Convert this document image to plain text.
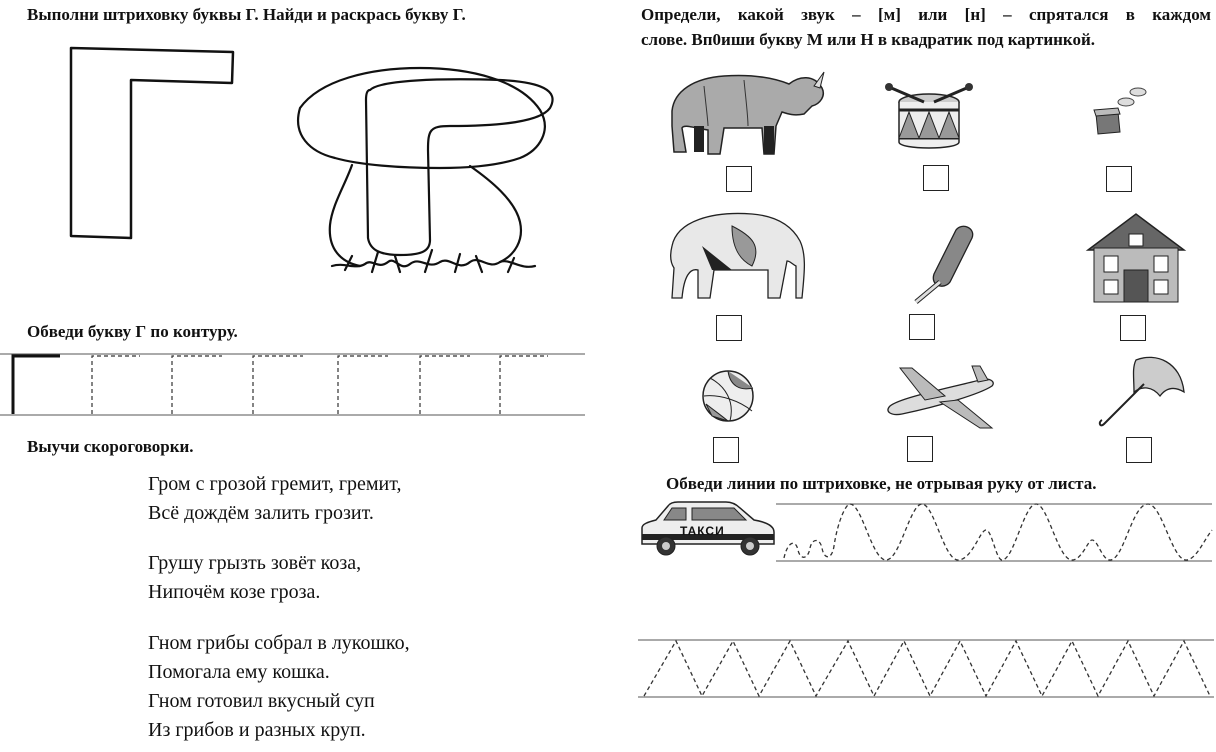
Выполни штриховку буквы Г. Найди и раскрась букву Г.
Обведи букву Г по контуру.
Выучи скороговорки.
Гром с грозой гремит, гремит,
Всё дождём залить грозит.
Грушу грызть зовёт коза,
Нипочём козе гроза.
Гном грибы собрал в лукошко,
Помогала ему кошка.
Гном готовил вкусный суп
Из грибов и разных круп.
Определи, какой звук – [м] или [н] – спрятался в каждом
слове. Вп0иши букву М или Н в квадратик под картинкой.
Обведи линии по штриховке, не отрывая руку от листа.
ТАКСИ
